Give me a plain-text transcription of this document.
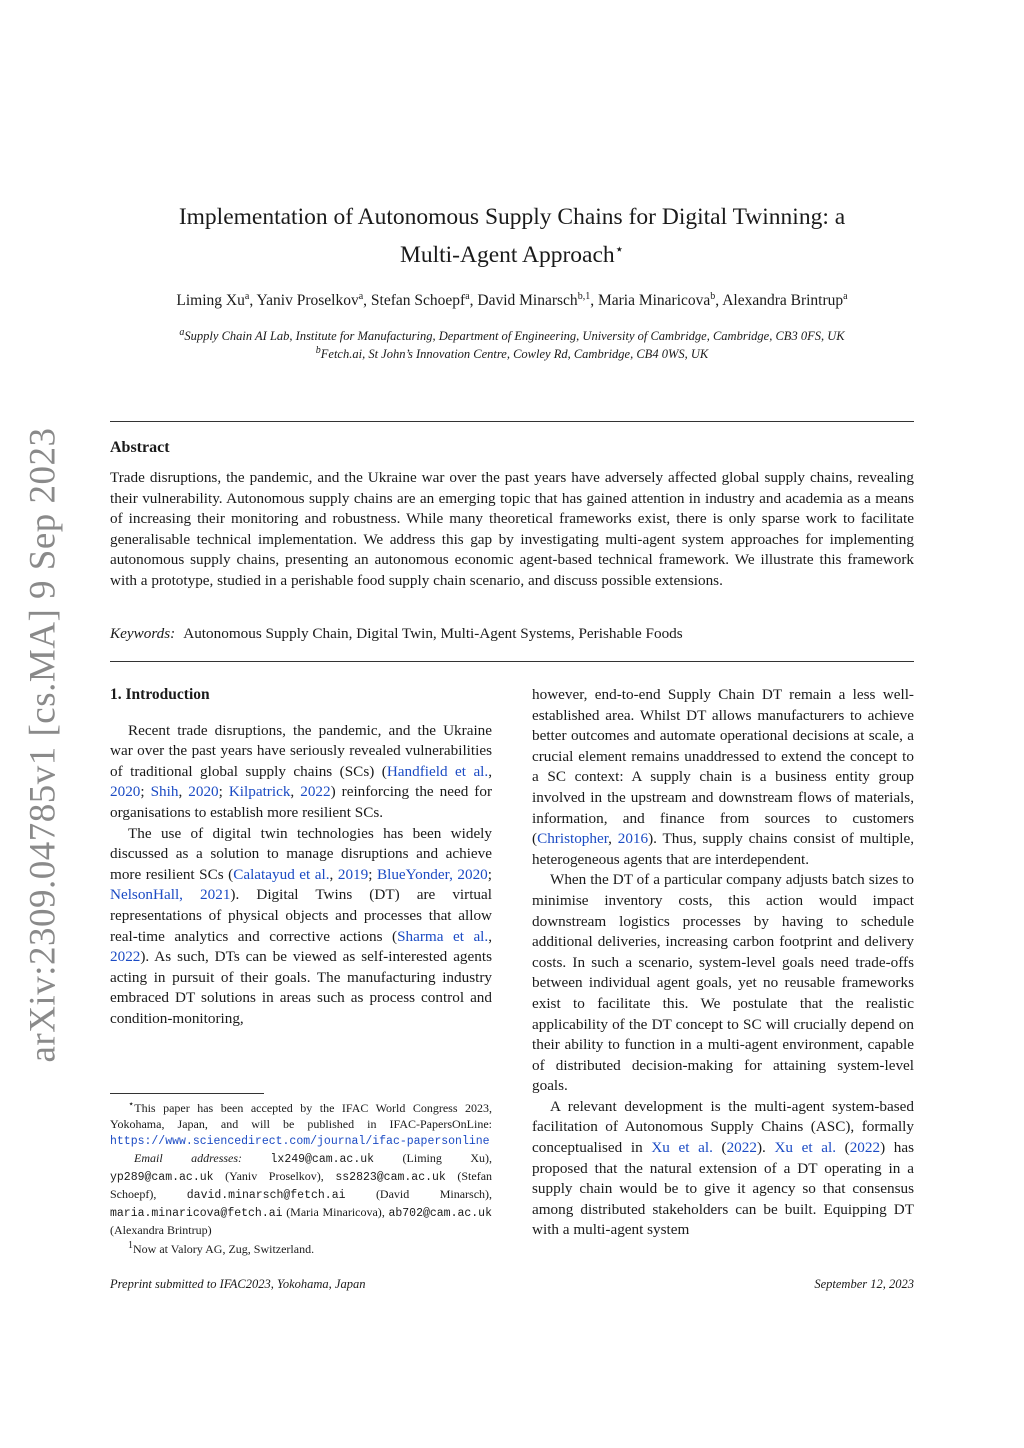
arXiv:2309.04785v1 [cs.MA] 9 Sep 2023
Implementation of Autonomous Supply Chains for Digital Twinning: a
Multi-Agent Approach⋆
Liming Xu$^a$, Yaniv Proselkov$^a$, Stefan Schoepf$^a$, David Minarsch$^{b,1}$, Maria Minaricova$^b$, Alexandra Brintrup$^a$
$^a$Supply Chain AI Lab, Institute for Manufacturing, Department of Engineering, University of Cambridge, Cambridge, CB3 0FS, UK
$^b$Fetch.ai, St John’s Innovation Centre, Cowley Rd, Cambridge, CB4 0WS, UK
Abstract
Trade disruptions, the pandemic, and the Ukraine war over the past years have adversely affected global supply chains, revealing their vulnerability. Autonomous supply chains are an emerging topic that has gained attention in industry and academia as a means of increasing their monitoring and robustness. While many theoretical frameworks exist, there is only sparse work to facilitate generalisable technical implementation. We address this gap by investigating multi-agent system approaches for implementing autonomous supply chains, presenting an autonomous economic agent-based technical framework. We illustrate this framework with a prototype, studied in a perishable food supply chain scenario, and discuss possible extensions.
Keywords: Autonomous Supply Chain, Digital Twin, Multi-Agent Systems, Perishable Foods
1. Introduction

Recent trade disruptions, the pandemic, and the Ukraine war over the past years have seriously revealed vulnerabilities of traditional global supply chains (SCs) (Handfield et al., 2020; Shih, 2020; Kilpatrick, 2022) reinforcing the need for organisations to establish more resilient SCs.

The use of digital twin technologies has been widely discussed as a solution to manage disruptions and achieve more resilient SCs (Calatayud et al., 2019; BlueYonder, 2020; NelsonHall, 2021). Digital Twins (DT) are virtual representations of physical objects and processes that allow real-time analytics and corrective actions (Sharma et al., 2022). As such, DTs can be viewed as self-interested agents acting in pursuit of their goals. The manufacturing industry embraced DT solutions in areas such as process control and condition-monitoring,

however, end-to-end Supply Chain DT remain a less well-established area. Whilst DT allows manufacturers to achieve better outcomes and automate operational decisions at scale, a crucial element remains unaddressed to extend the concept to a SC context: A supply chain is a business entity group involved in the upstream and downstream flows of materials, information, and finance from sources to customers (Christopher, 2016). Thus, supply chains consist of multiple, heterogeneous agents that are interdependent.

When the DT of a particular company adjusts batch sizes to minimise inventory costs, this action would impact downstream logistics processes by having to schedule additional deliveries, increasing carbon footprint and delivery costs. In such a scenario, system-level goals need trade-offs between individual agent goals, yet no reusable frameworks exist to facilitate this. We postulate that the realistic applicability of the DT concept to SC will crucially depend on their ability to function in a multi-agent environment, capable of distributed decision-making for attaining system-level goals.

A relevant development is the multi-agent system-based facilitation of Autonomous Supply Chains (ASC), formally conceptualised in Xu et al. (2022). Xu et al. (2022) has proposed that the natural extension of a DT operating in a supply chain would be to give it agency so that consensus among distributed stakeholders can be built. Equipping DT with a multi-agent system

⋆This paper has been accepted by the IFAC World Congress 2023, Yokohama, Japan, and will be published in IFAC-PapersOnLine: https://www.sciencedirect.com/journal/ifac-papersonline

Email addresses: lx249@cam.ac.uk (Liming Xu), yp289@cam.ac.uk (Yaniv Proselkov), ss2823@cam.ac.uk (Stefan Schoepf), david.minarsch@fetch.ai	(David Minarsch), maria.minaricova@fetch.ai (Maria Minaricova), ab702@cam.ac.uk (Alexandra Brintrup)

$^1$Now at Valory AG, Zug, Switzerland.

Preprint submitted to IFAC2023, Yokohama, Japan	September 12, 2023
